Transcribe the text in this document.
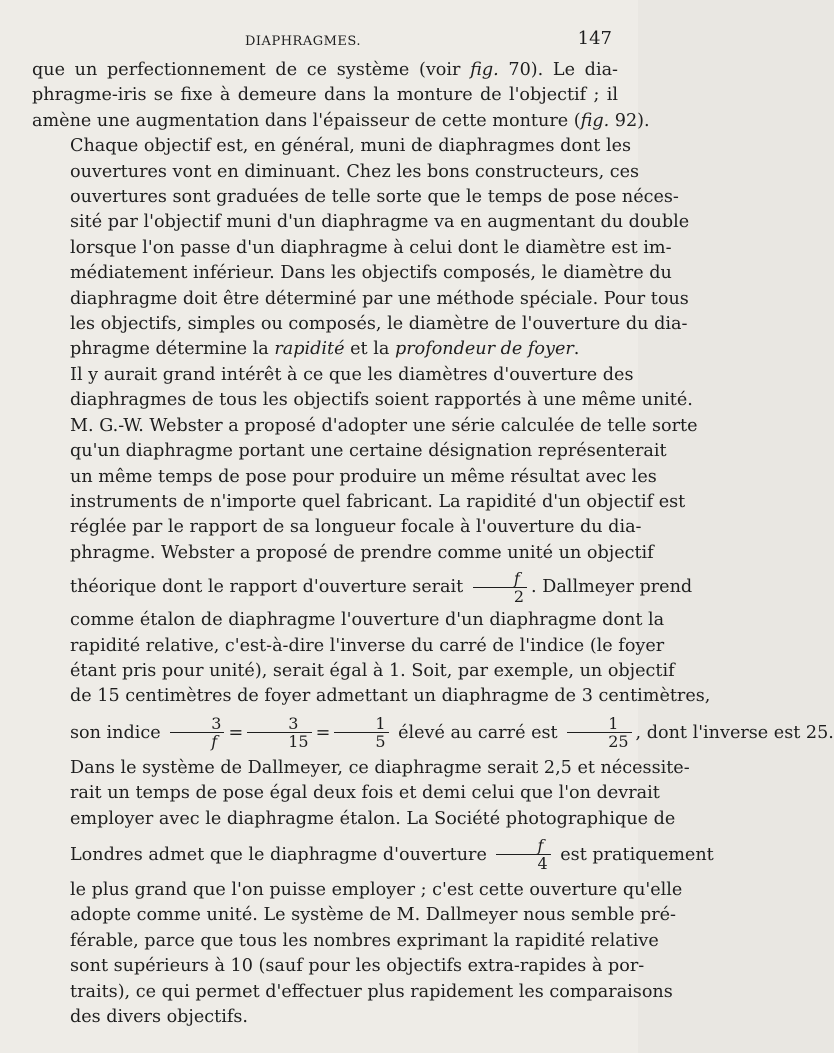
DIAPHRAGMES.	147

que un perfectionnement de ce système (voir fig. 70). Le dia-
phragme-iris se fixe à demeure dans la monture de l'objectif ; il
amène une augmentation dans l'épaisseur de cette monture (fig. 92).

Chaque objectif est, en général, muni de diaphragmes dont les
ouvertures vont en diminuant. Chez les bons constructeurs, ces
ouvertures sont graduées de telle sorte que le temps de pose néces-
sité par l'objectif muni d'un diaphragme va en augmentant du double
lorsque l'on passe d'un diaphragme à celui dont le diamètre est im-
médiatement inférieur. Dans les objectifs composés, le diamètre du
diaphragme doit être déterminé par une méthode spéciale. Pour tous
les objectifs, simples ou composés, le diamètre de l'ouverture du dia-
phragme détermine la rapidité et la profondeur de foyer.

Il y aurait grand intérêt à ce que les diamètres d'ouverture des
diaphragmes de tous les objectifs soient rapportés à une même unité.
M. G.-W. Webster a proposé d'adopter une série calculée de telle sorte
qu'un diaphragme portant une certaine désignation représenterait
un même temps de pose pour produire un même résultat avec les
instruments de n'importe quel fabricant. La rapidité d'un objectif est
réglée par le rapport de sa longueur focale à l'ouverture du dia-
phragme. Webster a proposé de prendre comme unité un objectif
théorique dont le rapport d'ouverture serait $\frac{f}{2}$ . Dallmeyer prend
comme étalon de diaphragme l'ouverture d'un diaphragme dont la
rapidité relative, c'est-à-dire l'inverse du carré de l'indice (le foyer
étant pris pour unité), serait égal à 1. Soit, par exemple, un objectif
de 15 centimètres de foyer admettant un diaphragme de 3 centimètres,
son indice $\frac{3}{f} = \frac{3}{15} = \frac{1}{5}$ élevé au carré est $\frac{1}{25}$ , dont l'inverse est 25.
Dans le système de Dallmeyer, ce diaphragme serait 2,5 et nécessite-
rait un temps de pose égal deux fois et demi celui que l'on devrait
employer avec le diaphragme étalon. La Société photographique de
Londres admet que le diaphragme d'ouverture $\frac{f}{4}$ est pratiquement
le plus grand que l'on puisse employer ; c'est cette ouverture qu'elle
adopte comme unité. Le système de M. Dallmeyer nous semble pré-
férable, parce que tous les nombres exprimant la rapidité relative
sont supérieurs à 10 (sauf pour les objectifs extra-rapides à por-
traits), ce qui permet d'effectuer plus rapidement les comparaisons
des divers objectifs.
